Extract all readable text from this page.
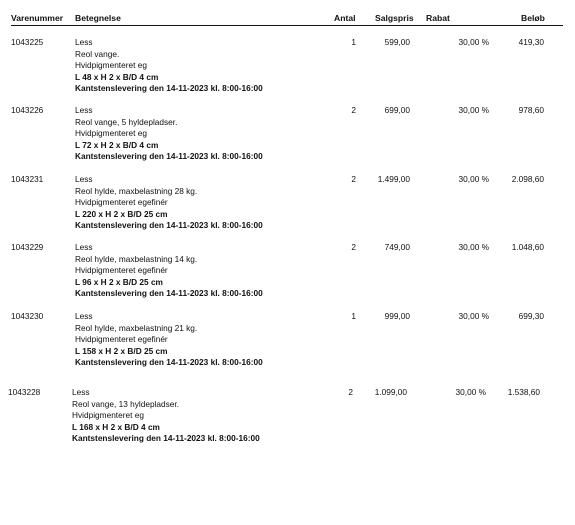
Varenummer Betegnelse	Antal Salgspris Rabat	Beløb
1043225	Less
Reol vange.
Hvidpigmenteret eg
L 48 x H 2 x B/D 4 cm
Kantstenslevering den 14-11-2023 kl. 8:00-16:00
1	599,00	30,00 %	419,30
1043226	Less
Reol vange, 5 hyldepladser.
Hvidpigmenteret eg
L 72 x H 2 x B/D 4 cm
Kantstenslevering den 14-11-2023 kl. 8:00-16:00
2	699,00	30,00 %	978,60
1043231	Less
Reol hylde, maxbelastning 28 kg.
Hvidpigmenteret egefinér
L 220 x H 2 x B/D 25 cm
Kantstenslevering den 14-11-2023 kl. 8:00-16:00
2	1.499,00	30,00 %	2.098,60
1043229	Less
Reol hylde, maxbelastning 14 kg.
Hvidpigmenteret egefinér
L 96 x H 2 x B/D 25 cm
Kantstenslevering den 14-11-2023 kl. 8:00-16:00
2	749,00	30,00 %	1.048,60
1043230	Less
Reol hylde, maxbelastning 21 kg.
Hvidpigmenteret egefinér
L 158 x H 2 x B/D 25 cm
Kantstenslevering den 14-11-2023 kl. 8:00-16:00
1	999,00	30,00 %	699,30
1043228	Less
Reol vange, 13 hyldepladser.
Hvidpigmenteret eg
L 168 x H 2 x B/D 4 cm
Kantstenslevering den 14-11-2023 kl. 8:00-16:00
2	1.099,00	30,00 %	1.538,60
